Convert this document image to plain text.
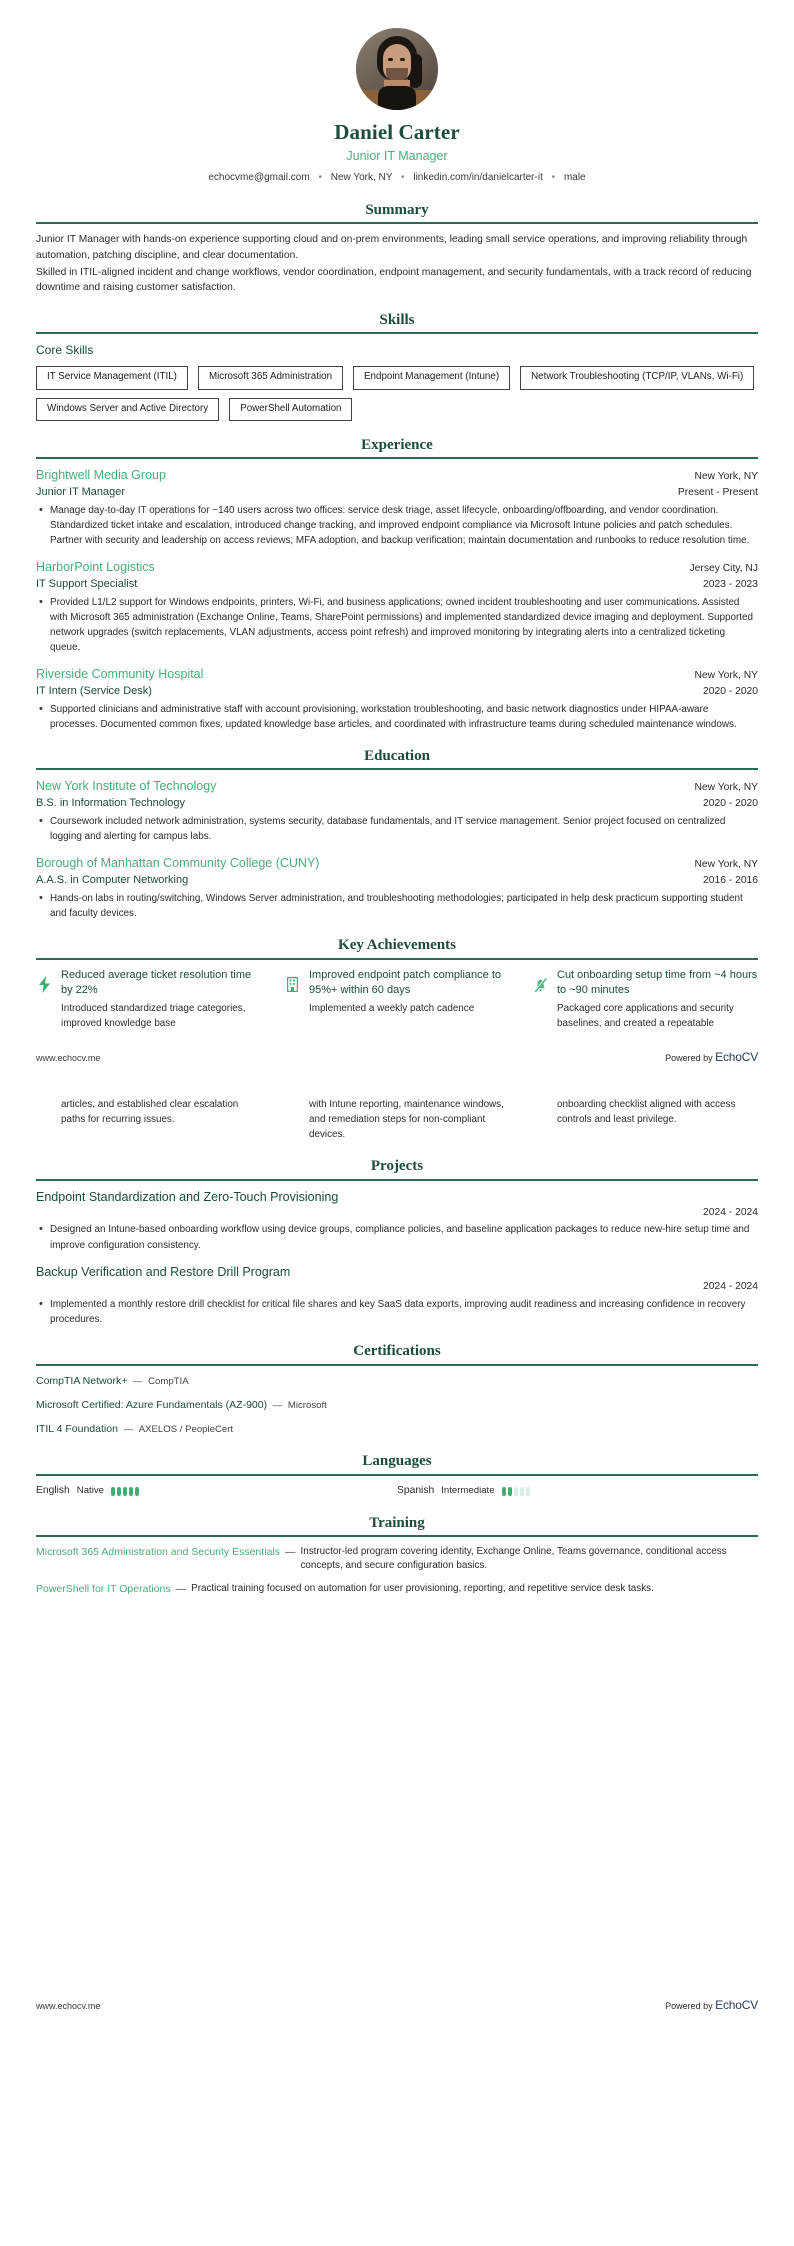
Daniel Carter
Junior IT Manager
echocvme@gmail.com • New York, NY • linkedin.com/in/danielcarter-it • male
Summary

Junior IT Manager with hands-on experience supporting cloud and on-prem environments, leading small service operations, and improving reliability through automation, patching discipline, and clear documentation.

Skilled in ITIL-aligned incident and change workflows, vendor coordination, endpoint management, and security fundamentals, with a track record of reducing downtime and raising customer satisfaction.

Skills
Core Skills
IT Service Management (ITIL)	Microsoft 365 Administration	Endpoint Management (Intune)	Network Troubleshooting (TCP/IP, VLANs, Wi-Fi)
Windows Server and Active Directory	PowerShell Automation
Experience
Brightwell Media Group	New York, NY
Junior IT Manager	Present - Present
• Manage day-to-day IT operations for ~140 users across two offices: service desk triage, asset lifecycle, onboarding/offboarding, and vendor coordination. Standardized ticket intake and escalation, introduced change tracking, and improved endpoint compliance via Microsoft Intune policies and patch schedules. Partner with security and leadership on access reviews, MFA adoption, and backup verification; maintain documentation and runbooks to reduce resolution time.
HarborPoint Logistics	Jersey City, NJ
IT Support Specialist	2023 - 2023
• Provided L1/L2 support for Windows endpoints, printers, Wi-Fi, and business applications; owned incident troubleshooting and user communications. Assisted with Microsoft 365 administration (Exchange Online, Teams, SharePoint permissions) and implemented standardized device imaging and deployment. Supported network upgrades (switch replacements, VLAN adjustments, access point refresh) and improved monitoring by integrating alerts into a centralized ticketing queue.
Riverside Community Hospital	New York, NY
IT Intern (Service Desk)	2020 - 2020
• Supported clinicians and administrative staff with account provisioning, workstation troubleshooting, and basic network diagnostics under HIPAA-aware processes. Documented common fixes, updated knowledge base articles, and coordinated with infrastructure teams during scheduled maintenance windows.
Education
New York Institute of Technology	New York, NY
B.S. in Information Technology	2020 - 2020
• Coursework included network administration, systems security, database fundamentals, and IT service management. Senior project focused on centralized logging and alerting for campus labs.
Borough of Manhattan Community College (CUNY)	New York, NY
A.A.S. in Computer Networking	2016 - 2016
• Hands-on labs in routing/switching, Windows Server administration, and troubleshooting methodologies; participated in help desk practicum supporting student and faculty devices.
Key Achievements
Reduced average ticket resolution time by 22%
Introduced standardized triage categories, improved knowledge base
Improved endpoint patch compliance to 95%+ within 60 days
Implemented a weekly patch cadence
Cut onboarding setup time from ~4 hours to ~90 minutes
Packaged core applications and security baselines, and created a repeatable
www.echocv.me	Powered by EchoCV
articles, and established clear escalation paths for recurring issues.
with Intune reporting, maintenance windows, and remediation steps for non-compliant devices.
onboarding checklist aligned with access controls and least privilege.
Projects
Endpoint Standardization and Zero-Touch Provisioning
2024 - 2024
• Designed an Intune-based onboarding workflow using device groups, compliance policies, and baseline application packages to reduce new-hire setup time and improve configuration consistency.
Backup Verification and Restore Drill Program
2024 - 2024
• Implemented a monthly restore drill checklist for critical file shares and key SaaS data exports, improving audit readiness and increasing confidence in recovery procedures.
Certifications
CompTIA Network+  —  CompTIA
Microsoft Certified: Azure Fundamentals (AZ-900)  —  Microsoft
ITIL 4 Foundation  —  AXELOS / PeopleCert
Languages
English Native	Spanish Intermediate
Training
Microsoft 365 Administration and Security Essentials — Instructor-led program covering identity, Exchange Online, Teams governance, conditional access concepts, and secure configuration basics.
PowerShell for IT Operations — Practical training focused on automation for user provisioning, reporting, and repetitive service desk tasks.
www.echocv.me	Powered by EchoCV
